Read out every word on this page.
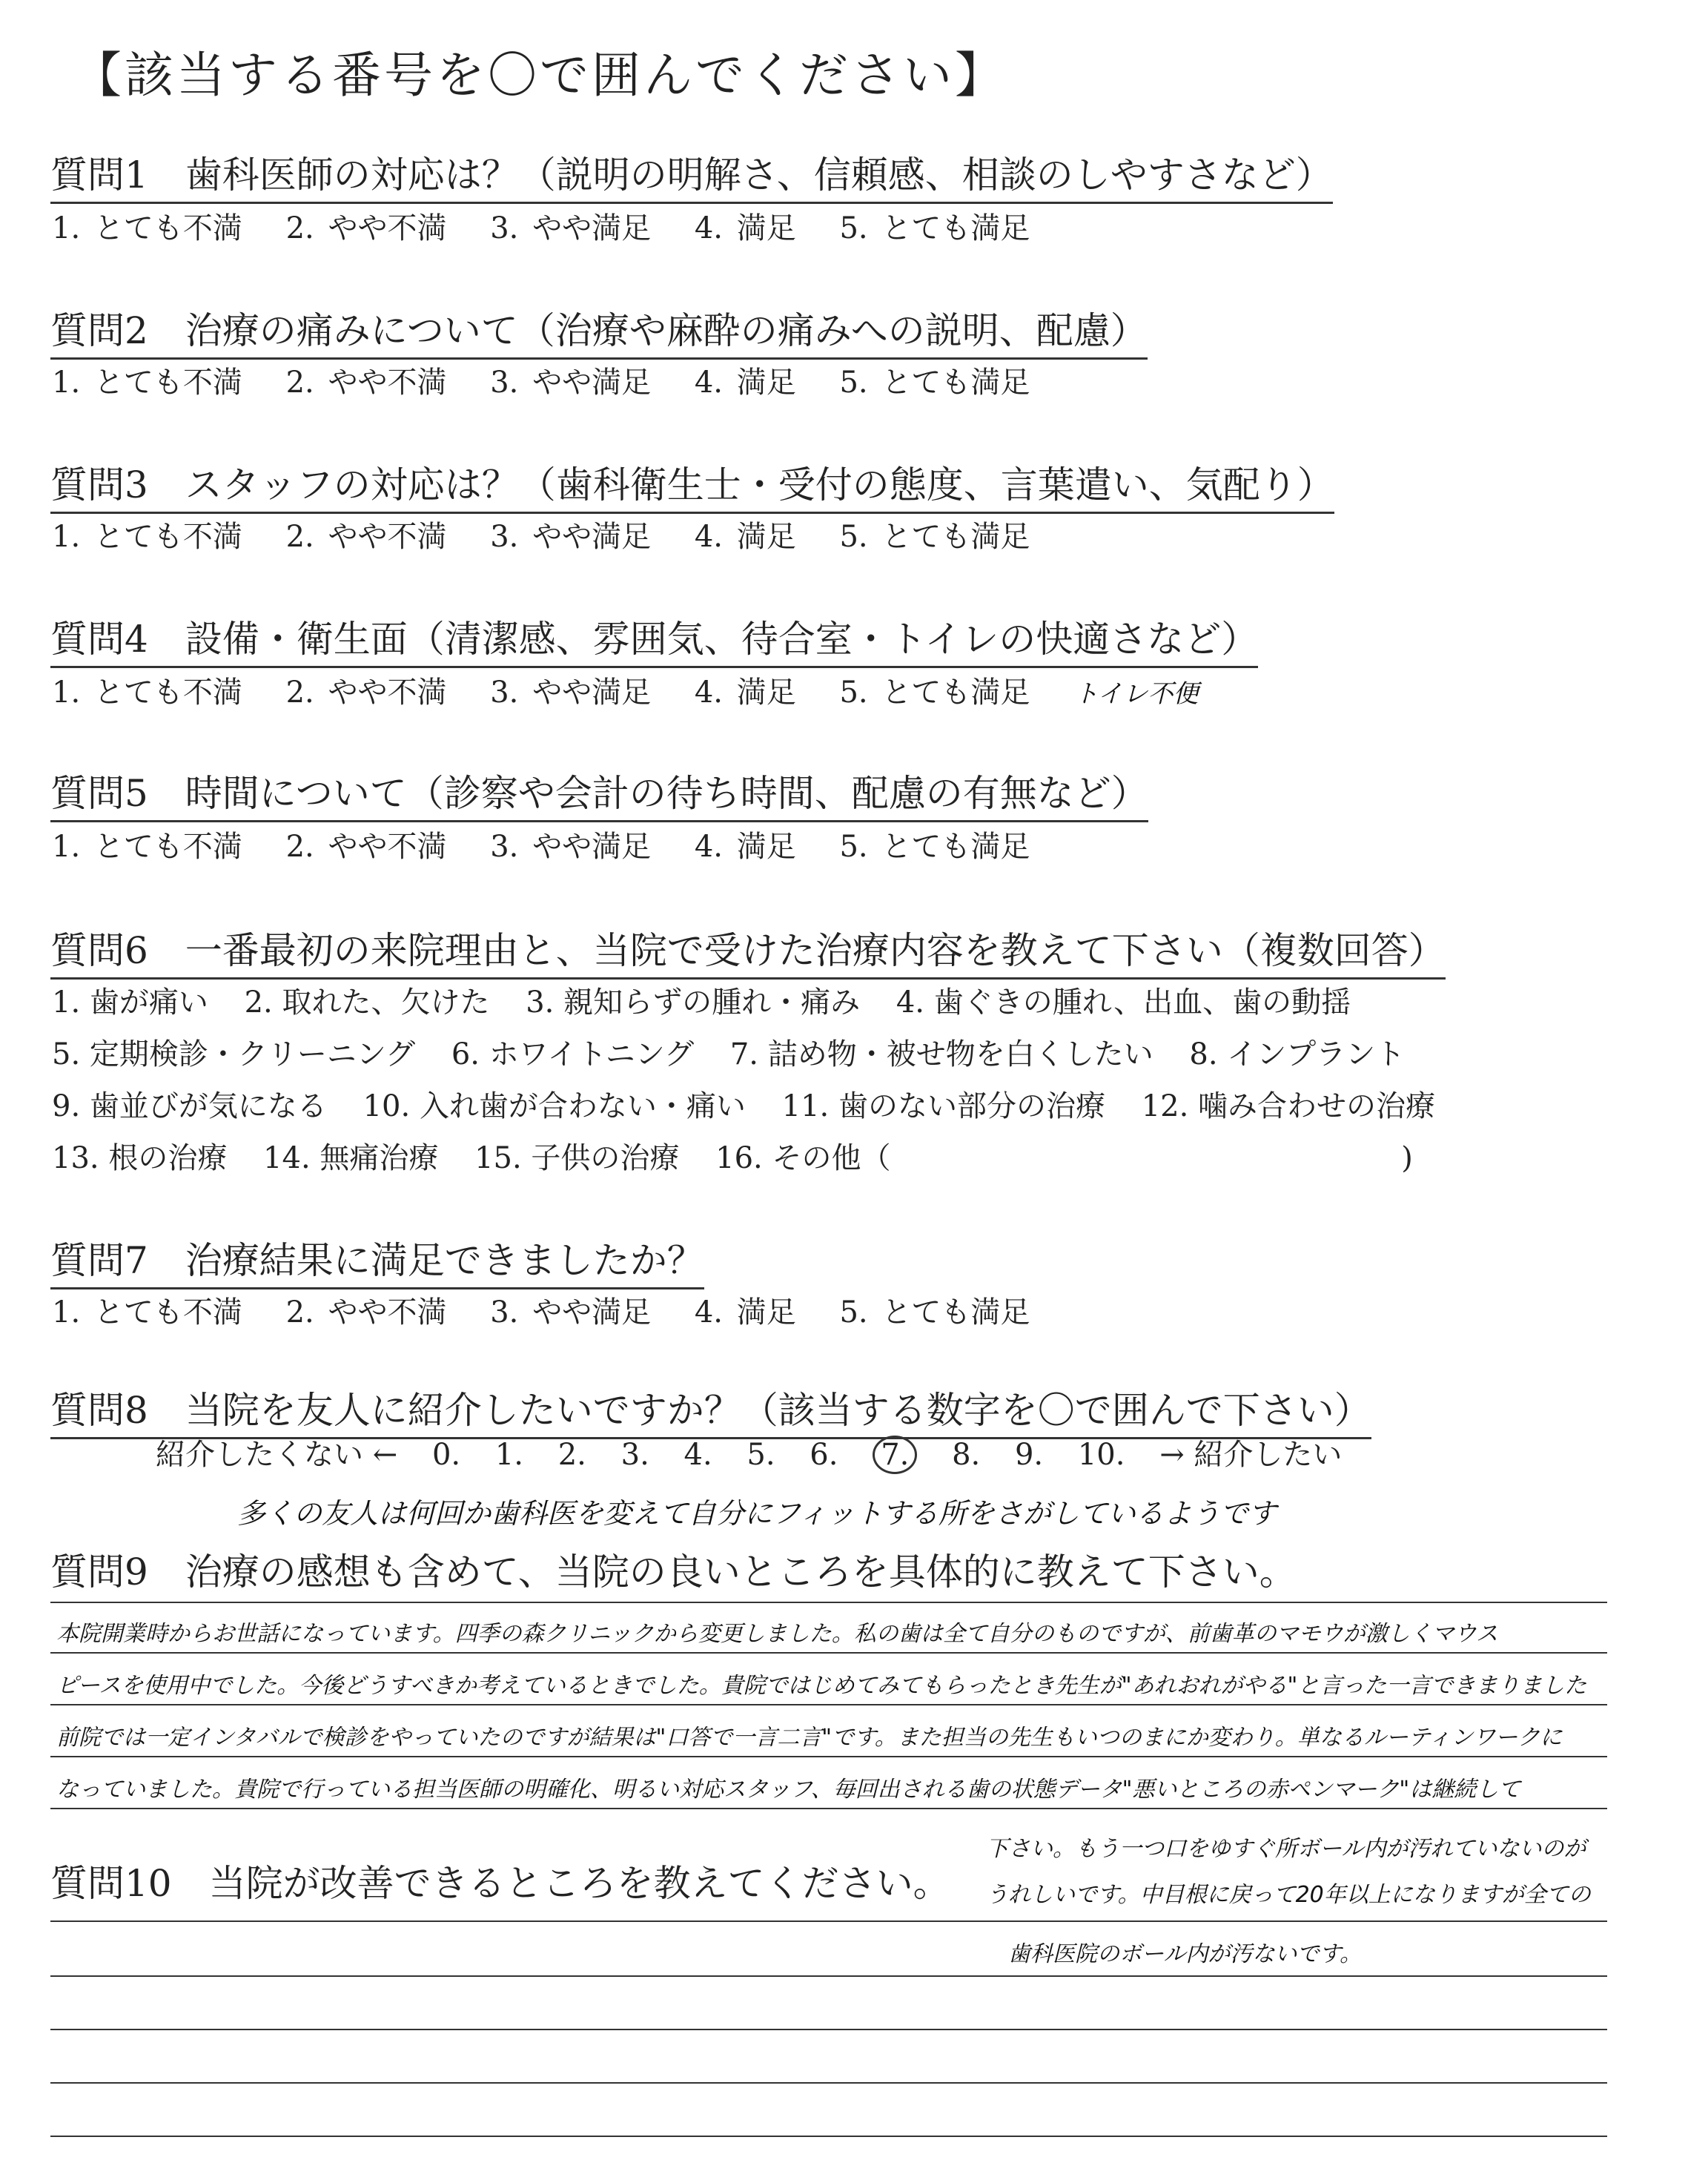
【該当する番号を〇で囲んでください】
質問1　歯科医師の対応は？（説明の明解さ、信頼感、相談のしやすさなど）
1. とても不満 2. やや不満 3. やや満足 4. 満足 5. とても満足
質問2　治療の痛みについて（治療や麻酔の痛みへの説明、配慮）
1. とても不満 2. やや不満 3. やや満足 4. 満足 5. とても満足
質問3　スタッフの対応は？（歯科衛生士・受付の態度、言葉遣い、気配り）
1. とても不満 2. やや不満 3. やや満足 4. 満足 5. とても満足
質問4　設備・衛生面（清潔感、雰囲気、待合室・トイレの快適さなど）
1. とても不満 2. やや不満 3. やや満足 4. 満足 5. とても満足 トイレ不便
質問5　時間について（診察や会計の待ち時間、配慮の有無など）
1. とても不満 2. やや不満 3. やや満足 4. 満足 5. とても満足
質問6　一番最初の来院理由と、当院で受けた治療内容を教えて下さい（複数回答）
1. 歯が痛い 2. 取れた、欠けた 3. 親知らずの腫れ・痛み 4. 歯ぐきの腫れ、出血、歯の動揺
5. 定期検診・クリーニング 6. ホワイトニング 7. 詰め物・被せ物を白くしたい 8. インプラント
9. 歯並びが気になる 10. 入れ歯が合わない・痛い 11. 歯のない部分の治療 12. 噛み合わせの治療
13. 根の治療 14. 無痛治療 15. 子供の治療 16. その他（	)
質問7　治療結果に満足できましたか？
1. とても不満 2. やや不満 3. やや満足 4. 満足 5. とても満足
質問8　当院を友人に紹介したいですか？（該当する数字を〇で囲んで下さい）
紹介したくない ← 0. 1. 2. 3. 4. 5. 6. 7. 8. 9. 10. → 紹介したい
多くの友人は何回か歯科医を変えて自分にフィットする所をさがしているようです
質問9　治療の感想も含めて、当院の良いところを具体的に教えて下さい。
本院開業時からお世話になっています。四季の森クリニックから変更しました。私の歯は全て自分のものですが、前歯革のマモウが激しくマウス
ピースを使用中でした。今後どうすべきか考えているときでした。貴院ではじめてみてもらったとき先生が"あれおれがやる"と言った一言できまりました
前院では一定インタバルで検診をやっていたのですが結果は"口答で一言二言"です。また担当の先生もいつのまにか変わり。単なるルーティンワークに
なっていました。貴院で行っている担当医師の明確化、明るい対応スタッフ、毎回出される歯の状態データ"悪いところの赤ペンマーク"は継続して
質問10　当院が改善できるところを教えてください。
下さい。もう一つ口をゆすぐ所ボール内が汚れていないのが
うれしいです。中目根に戻って20年以上になりますが全ての
歯科医院のボール内が汚ないです。
